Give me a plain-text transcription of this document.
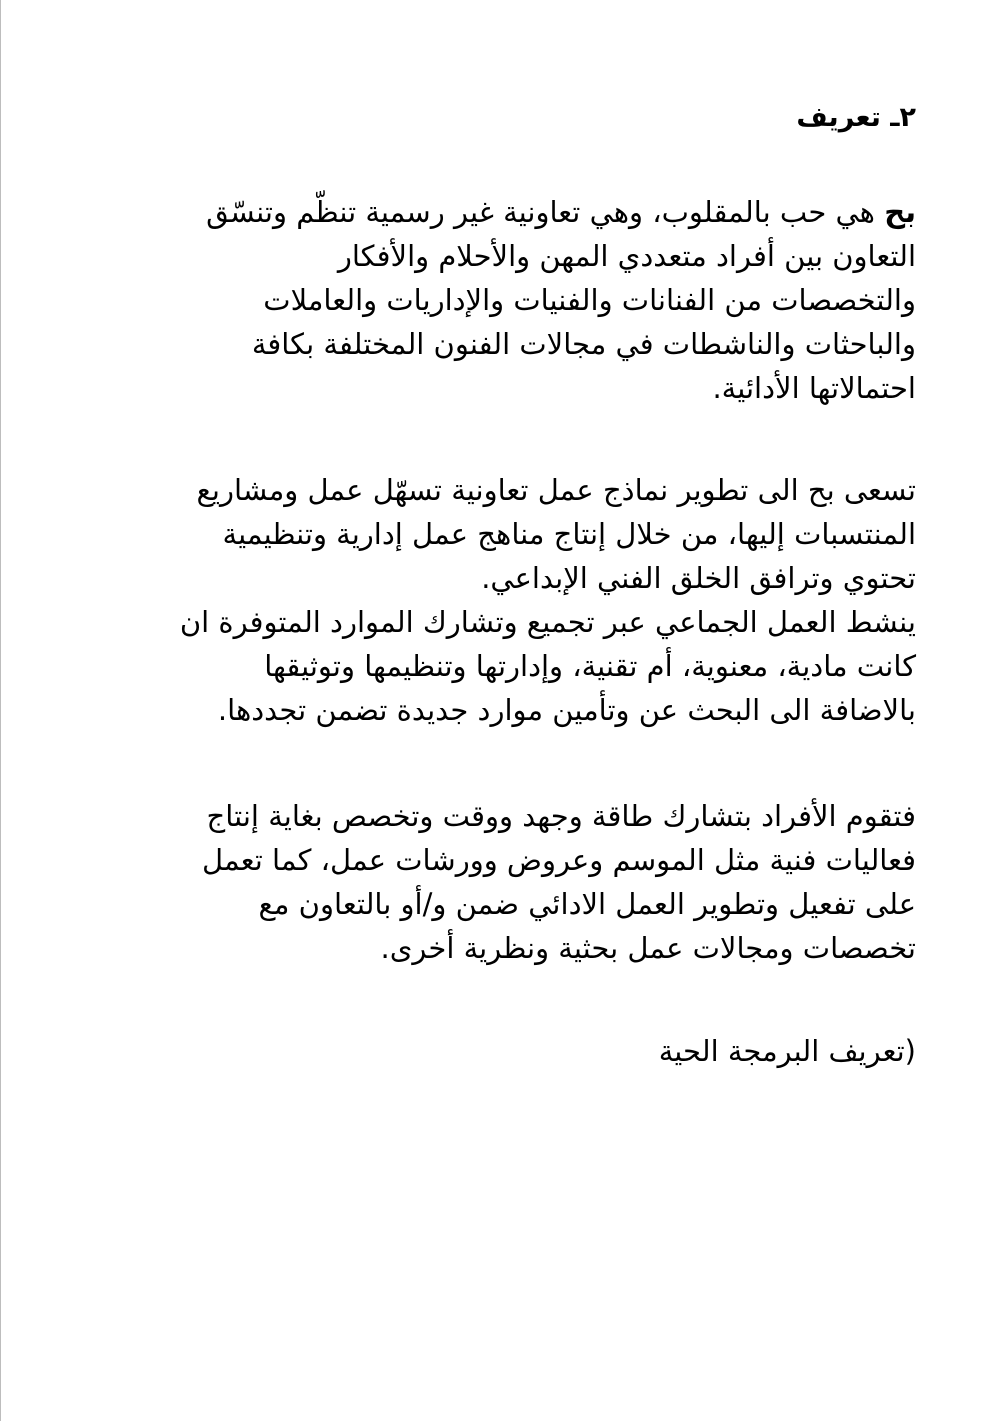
٢ـ تعريف
بح هي حب بالمقلوب، وهي تعاونية غير رسمية تنظّم وتنسّق
التعاون بين أفراد متعددي المهن والأحلام والأفكار
والتخصصات من الفنانات والفنيات والإداريات والعاملات
والباحثات والناشطات في مجالات الفنون المختلفة بكافة
احتمالاتها الأدائية.
تسعى بح الى تطوير نماذج عمل تعاونية تسهّل عمل ومشاريع
المنتسبات إليها، من خلال إنتاج مناهج عمل إدارية وتنظيمية
تحتوي وترافق الخلق الفني الإبداعي.
ينشط العمل الجماعي عبر تجميع وتشارك الموارد المتوفرة ان
كانت مادية، معنوية، أم تقنية، وإدارتها وتنظيمها وتوثيقها
بالاضافة الى البحث عن وتأمين موارد جديدة تضمن تجددها.
فتقوم الأفراد بتشارك طاقة وجهد ووقت وتخصص بغاية إنتاج
فعاليات فنية مثل الموسم وعروض وورشات عمل، كما تعمل
على تفعيل وتطوير العمل الادائي ضمن و/أو بالتعاون مع
تخصصات ومجالات عمل بحثية ونظرية أخرى.
(تعريف البرمجة الحية
